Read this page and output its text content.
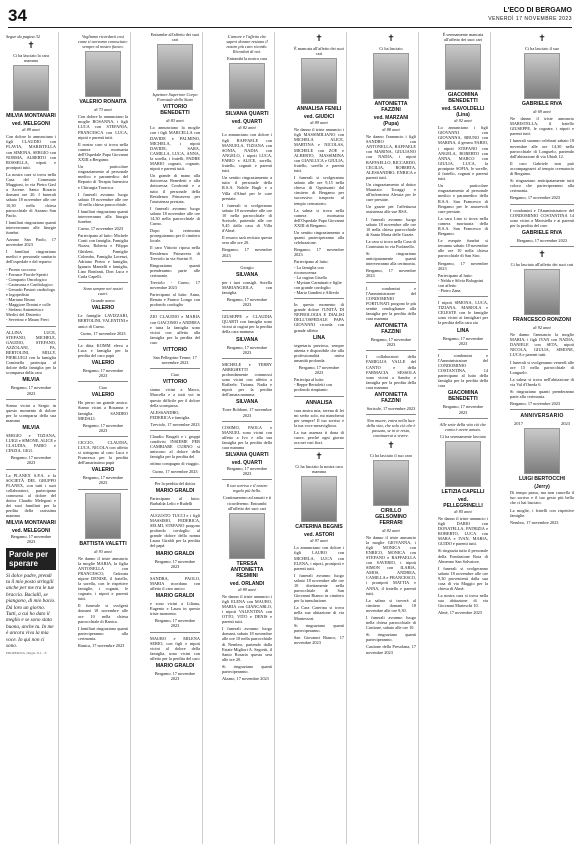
34	L'ECO DI BERGAMO
VENERDÌ 17 NOVEMBRE 2023
Segue da pagina 32
✝
Ci ha lasciato la cara mamma
MILVIA MONTANARI
ved. MELEGONI
di 89 anni
Con dolore lo annunciano i figli CLAUDIO con FLAVIA, MARISTELLA con SIMONA, SERGIO con NORMA, ALBERTO con ROSSELLA, nipoti e pronipoti tutti.
La nostra cara si trova nella Casa del Commiato Maggioni, in via Pietro Gasl a Arcene. Santo Rosario domani ore 20. I funerali sabato 18 novembre alle ore 10,30 nella chiesa parrocchiale di Azzano San Paolo.
I familiari ringraziano quanti interverranno alle liturgie funebri.
Azzano San Paolo, 17 novembre 2023
I familiari ringraziano medici e personale sanitario dell'ospedale e del reparto:
- Pronto soccorso
- Fornace Fiordo-Speriti
- Comparto Oncologico
- Casinsona e Cardiologico
- Gerardo Pastori cardiologo e logopedista
- Mariano Bruno
- Maggiore Donini e colle
- Stefano Antonietta e Medici del Distretto
- Severino e Mauro Freri
ALLINA LUCE, STEFANO, MICHELE, GAUDIO, STEFANO, AZZOLANI, FA, BERTOLINI, MILLY, PIERLUIGI con la famiglia Cominella partecipa al dolore della famiglia per la scomparsa della cara
MILVIA
Bergamo, 17 novembre 2023
Siamo vicini a Sergio in questo momento di dolore per la scomparsa della sua mamma
MILVIA
SERGIO e TIZIANA, LUIGI e SIMONE, ALICE e CLAUDIA, FABIO e CINZIA, GIGI.
Bergamo, 17 novembre 2023
La PLANEX S.P.A. e la SOCIETÀ DEL GRUPPO PLANEX, con tutti i suoi collaboratori, partecipano commossi al dolore del dottor Claudio Melegoni e dei suoi familiari per la perdita della carissima mamma
MILVIA MONTANARI
ved. MELEGONI
Bergamo, 17 novembre 2023
Parole per sperare
Si dolce padre, prendi tu il mio posto stringili anche per me tra le tue braccia. Bacialli, se piangono, di mio bacio. Dà loro un giorno. Tutti, a cui ho dato il meglio e se sono stata buona, anche tu. In me è ancora viva la mia voce. Io qui non ci sono.
PROPERZIA | Regie. P.I. - 8
Vogliamo ricordarti così come ti avevamo conosciuto: sempre al nostro fianco.
VALERIO RONAITA
di 73 anni
Con dolore lo annunciano la moglie ROSANNA, i figli LUCA con STEFANIA, FRANCESCA con LUCA, nipoti e parenti tutti.
Il nostro caro si trova nella camera mortuaria dell'Ospedale Papa Giovanni XXIII a Bergamo.
Un particolare ringraziamento al personale medico e paramedico del Reparto di Terapia Intensiva e Chirurgia Toracica.
I funerali avranno luogo sabato 18 novembre alle ore 10 nella chiesa parrocchiale.
I familiari ringraziano quanti interverranno alla liturgia funebre.
Curno, 17 novembre 2023
Partecipano al lutto: Michele Conti con famiglia, Famiglia Nozza, Roberta e Filippo Ghisleni, Famiglie Colombo, Famiglia Lorenzi, Adriano Pietro e famiglia, Ignazio Mantelli e famiglia, Lino Bonfanti, Don Luca e Carla Capelli.
Sono sempre nei nostri cuori.
Grande uomo
VALERIO
Le famiglie LAVIZZARI, BERTOLINI, VALENTINI e amici di Curno.
Curno, 17 novembre 2023
La ditta KOMM eleva a Luca e famiglia per la perdita del caro papà
VALERIO
Bergamo, 17 novembre 2023
Ciao
VALERIO
Ho perso un grande amico. Siamo vicini a Rosanna e famiglia. SANDRO MEDALI.
Bergamo, 17 novembre 2023
CICCIO, CLAUDIA, LUCA, NICOLA con affetto si stringono al caro Luca e Francesca per la perdita dell'amatissimo papà
VALERIO
Bergamo, 17 novembre 2023
BATTISTA VALETTI
di 93 anni
Ne danno il triste annuncio la moglie MARIA, la figlia ANTONELLA con FRANCESCO, l'adorata nipote DENISE, il fratello, la sorella, con le rispettive famiglie, i cognati, le cognate, i nipoti e parenti tutti.
Il funerale si svolgerà domani 18 novembre alle ore 10 nella chiesa parrocchiale di Ranica.
I familiari ringraziano quanti parteciperanno alla cerimonia.
Ranica, 17 novembre 2023
Entrambe all'affetto dei suoi cari
Ispettore Superiore Corpo Forestale dello Stato
VITTORIO BENEDETTI
di 83 anni
Lo annunciano la moglie con i figli MARCELLA con DAVIDE e PALMINO, MICHELA, i nipoti DAVIDE, SARA, CAMILLA, LUCA, ANNA, la sorella, i fratelli, PADRE MARIO cognati, cognate, nipoti e parenti tutti.
Un grande di mano alla dottoressa Benedetti e alla dottoressa Confronti e a tutto il personale della Residenza Primavera per l'assistenza prestata.
I funerali avranno luogo sabato 18 novembre alle ore 14,30 nella parrocchiale di Curno.
Dopo la cerimonia proseguiranno per il cimitero locale.
Il caro Vittorio riposa nella Residenza Primavera di Treviolo in via Sorrini 8.
Ringraziamo quanti prenderanno parte alle cerimonie.
Treviolo - Curno, 17 novembre 2023
Partecipano al lutto: Anna, Renato e Franco Longo con profondo cordoglio
ZIO CLAUDIO e MARIA con GIACOMO e ANDREA e tutta la famiglia sono vicini con affetto alla famiglia per la perdita del caro
VITTORIO
San Pellegrino Terme, 17 novembre 2023
Ciao
VITTORIO
siamo vicini a Marco, Marcella e a tutti voi in questo difficile per il dolore della scomparsa.
ALESSANDRO, FEDERICA e famiglia.
Treviolo, 17 novembre 2023
Claudio Brugali e i gruppi condivisi INSIEME PER CAMBIARE CURNO si uniscono al dolore della famiglia per la perdita del
ottimo compagno di viaggio.
Curno, 17 novembre 2023
Per la perdita del dottor
MARIO GRALDI
Partecipano al lutto: Barbalda Lelio e Rudelli
AUGUSTO TUCCI e i figli MASSIMO, FEDERICA, SELMI, STEFANO porgono profondo cordoglio al grande dolore della nonna Laura Giraldi per la perdita del papà
MARIO GRALDI
Bergamo, 17 novembre 2023
SANDRA, PAOLO, MARIA ricordano con affetto il caro amico
MARIO GRALDI
e sono vicini a Liliana, Eugenio e Laura in questo triste momento.
Bergamo, 17 novembre 2023
MAURO e MILENA SERIO, con figli e nipoti vicini al dolore della famiglia, sono vicini con affetto per la perdita del caro
MARIO GRALDI
Bergamo, 17 novembre 2023
L'amore e l'affetto che sapevi donare restano il nostro più caro ricordo. Ricordati di noi.
Entrambi la nostra cara
SILVANA QUARTI
ved. QUARTI
di 82 anni
Lo annunciano con dolore i figli RAFFAELE con MANUELA, TIZIANA con SONIA, NADIA con ANGELO, i nipoti LUCA, FABIO e ALICE, sorella, fratello, cognati e parenti tutti.
Un sentito ringraziamento a tutto il personale della R.S.A. Nobile Bugli e a Villa d'Almè per le cure prestate.
I funerali si svolgeranno sabato 18 novembre alle ore 10 nella parrocchiale di Sorisole, partendo alle ore 9,45 dalla casa di Villa d'Almè.
Il rosario sarà recitato questa sera alle ore 20.
Bergamo, 17 novembre 2023
Giorgio
SILVANA
per i tuoi consigli. Sorella MARIANGIOLA con famiglia.
Bergamo, 17 novembre 2023
GIUSEPPE e CLAUDIA QUARTI con famiglia sono vicini ai cugini per la perdita della cara mamma
SILVANA
Bergamo, 17 novembre 2023
MICHELE e TERRY ARRIGHETTI profondamente commossi sono vicini con affetto a Raffaele, Tiziana, Nadia e nipoti per la perdita dell'amata mamma
SILVANA
Torre Boldone, 17 novembre 2023
COSIMO, PAOLA e MANUEL sono vicini con affetto a Ivo e alla sua famiglia per la perdita della cara mamma
SILVANA QUARTI
ved. QUARTI
Bergamo, 17 novembre 2023
Il tuo sorriso e il nostro regalo più bello.
Continueremo ad amarti e ti ricorderemo. Entrambi all'affetto dei suoi cari
TERESA ANTONIETTA RESMINI
ved. ORLANDI
di 89 anni
Ne danno il triste annuncio i figli ELENA con MAURO, MARIA con GIANCARLO, i nipoti VALENTINA con OTTO, VITO e DENIS e parenti tutti.
I funerali avranno luogo domani, sabato 18 novembre alle ore 10 nella parrocchiale di Nembro, partendo dalla Estate Migliori A. Segretti, il Santo Rosario questa sera alle ore 20.
Si ringraziano quanti parteciperanno.
Alzano, 17 novembre 2023
✝
È mancata all'affetto dei suoi cari
ANNALISA FENILI
ved. GIUDICI
di 89 anni
Ne danno il triste annuncio i figli MASSIMILIANO con MICHELA ALICE, MARTINA e NICOLAS, MICHELE con ZOE e ALBERTO, MASSIMINA con GIANLUCA e GIULIA, fratello, sorella e parenti tutti.
I funerali si svolgeranno sabato alle ore 9,15 nella chiesa di Ognissanti dal cimitero di Bergamo per successivo trasporto al tempio crematorio.
La salma si trova nella camera mortuaria dell'Ospedale Papa Giovanni XXIII di Bergamo.
Un sentito ringraziamento a quanti parteciperanno alla celebrazione.
Bergamo, 17 novembre 2023
Partecipano al lutto:
- La famiglia con riconoscenza
- La cugina Gisella
- Myriam Carminati e figlie con grande cordoglio
- Maria Gandini e Alfredo
In questo momento di grande dolore l'UNITÀ DI NEFROLOGIA E DIALISI DELL'OSPEDALE PAPA GIOVANNI ricorda con grande affetto
LINA
segretaria preziosa, sempre attenta e disponibile che alla professionalità univa umanità profonda.
Bergamo, 17 novembre 2023
Partecipa al lutto:
- Beppe Bertoletti con profondo rimpianto
ANNALISA
cara amica mia, serena di lei mi serbo solo, mi mancherai per sempre! Il tuo sorriso e la tua voce meravigliosa.
La tua assenza ti dona di cuore, perché ogni giorno ora nei vari fiori.
✝
Ci ha lasciato la nostra cara mamma
CATERINA BEGNIS
ved. ASTORI
di 97 anni
Lo annunciano con dolore i figli LAURO con MICHELA, LUCA con ELENA, i nipoti, pronipoti e parenti tutti.
I funerali avranno luogo sabato 18 novembre alle ore 10 direttamente nella parrocchiale di San Giovanni Bianco in cimitero per la tumulazione.
La Cara Caterina si trova nella sua abitazione di via Montessori.
Si ringraziano quanti parteciperanno.
San Giovanni Bianco, 17 novembre 2023
✝
Ci ha lasciato
ANTONIETTA FAZZINI
ved. MARZANI
(Pupa)
di 88 anni
Ne danno l'annuncio i figli SANDRO con ANTONELLA, RAFFAELE con MARINA, GIULIANO con NADIA, i nipoti RAFFAELLO, RICCARDO, CECILIA, ROBERTA, ALESSANDRO, ENRICA e parenti tutti.
Un ringraziamento al dottor Maurizio Tocaggi e all'infermiera Alessia per le cure prestate.
Un grazie per l'affettuosa assistenza alle sue RSA.
I funerali avranno luogo sabato 18 novembre alle ore 10 nella chiesa parrocchiale di Santa Maria delle Grazie.
La cara si trova nella Casa di Commiato in via Furfanello.
Si ringraziano anticipatamente quanti interverranno alla cerimonia.
Bergamo, 17 novembre 2023
I condomini e l'Amministratore del CONDOMINIO FORTUNATI porgono le più sentite condoglianze alla famiglia per la perdita della cara mamma
ANTONIETTA FAZZINI
Bergamo, 17 novembre 2023
I collaboratori della FAMIGLIA VALLE del CANTO e della FARMACIA SESSOLA sono vicini a Sandro e famiglia per la perdita della cara mamma
ANTONIETTA FAZZINI
Sorisole, 17 novembre 2023
Non muore, entra nella luce della vita, che solo ciò che è passato, se in te resta, continuerai a vivere.
✝
Ci ha lasciato il suo caro
CIRILLO GELSOMINO FERRARI
di 82 anni
Ne danno il triste annuncio la moglie GIOVANNA, i figli MONICA con ENRICO, MONICA con STEFANO e RAFFAELLA con SAVERIO, i nipoti SIMON con ILARIA, AMOS, ANDREA, CAMILLA e FRANCESCO, i pronipoti MATTIA e ANNA, il fratello e parenti tutti.
La salma si troverà al cimitero domani 18 novembre alle ore 9,30.
I funerali avranno luogo nella chiesa parrocchiale di Castione, sabato alle ore 10.
Si ringraziano quanti parteciperanno.
Castione della Presolana, 17 novembre 2023
È serenamente mancata all'affetto dei suoi cari
GIACOMINA BENEDETTI
ved. SAVOLDELLI
(Lina)
di 92 anni
Lo annunciano i figli GIOVANNI con GIOVANNA, BRUNO con MARINA, il genero FABIO, i nipoti STEFANO con ANGELA, ROBERTO con ANNA, MARCO con GIULIA, LUCA, la pronipote SOFIA, le sorelle, il fratello, cognati e parenti tutti.
Un particolare ringraziamento al personale medico e paramedico della R.S.A. San Francesco di Bergamo per le amorevoli cure prestate.
La cara Lina si trova nella camera mortuaria della R.S.A. San Francesco di Bergamo.
Le esequie funebri si terranno sabato 18 novembre alle ore 10 nella chiesa parrocchiale di San Siro.
Bergamo, 17 novembre 2023
Partecipano al lutto:
- Nelda e Silvia Bolognini con affetto
- Pietro Zana
I nipoti SIMONA, LUCA, TIZIANA, MARIOLA e CELESTE con le famiglie sono vicini ai famigliari per la perdita della cara zia
LINA
Bergamo, 17 novembre 2023
I condomini e l'Amministratore del CONDOMINIO COSTANTINA, 14 partecipano al lutto della famiglia per la perdita della cara
GIACOMINA BENEDETTI
Bergamo, 17 novembre 2023
Alle sette della vita ciò che conta è avere amato.
Ci ha serenamente lasciato
LETIZIA CAPELLI
ved. PELLEGRINELLI
di 85 anni
Ne danno il triste annuncio i figli DARIO con DONATELLA, PATRIZIA e ROBERTO, LUCA con MARA e IVAN, MARIA, GUIDO e parenti tutti.
Si ringrazia tutto il personale della Fondazione Rota di Almenno San Salvatore.
I funerali si svolgeranno sabato 18 novembre alle ore 9,30 provenienti dalla sua casa di via Maggio per la chiesa di Almè.
La nostra cara si trova nella sua abitazione di via Giovanni Marieschi 10.
Almè, 17 novembre 2023
✝
Ci ha lasciato il suo
GABRIELE RIVA
di 69 anni
Ne danno il triste annuncio MARISTELLA, il fratello GIUSEPPE, le cognate, i nipoti e parenti tutti.
I funerali saranno celebrati sabato 18 novembre alle ore 14,30 nella parrocchiale di Longuelo, partendo dall'abitazione di via Ubiali 12.
Il caro Gabriele non può accompagnarvi al tempio crematorio di Bergamo.
Si ringraziano anticipatamente tutti coloro che parteciperanno alla cerimonia.
Bergamo, 17 novembre 2023
I condomini e l'Amministratore del CONDOMINIO COSTANTINA 14 sono vicini a Maristella e ai parenti per la perdita del caro
GABRIELE RIVA
Bergamo, 17 novembre 2023
✝
Ci ha lasciato all'affetto dei suoi cari
FRANCESCO RONZONI
di 92 anni
Ne danno l'annuncio la moglie MARIA, i figli IVAN con NADIA, DANIELE con SETA, nipoti NICOLA, GIULIA, SIMONE, LUCA e parenti tutti.
I funerali si svolgeranno venerdì alle ore 15 nella parrocchiale di Longuelo.
La salma si trova nell'abitazione di via Val d'Oneda 6.
Si ringraziano quanti prenderanno parte alla cerimonia.
Bergamo, 17 novembre 2023
ANNIVERSARIO
2017	2023
LUIGI BERTOCCHI
(Jerry)
Di tempo passa, ma non cancella il tuo sorriso e il tuo gesto più bello che ci hai lasciato.
La moglie, i fratelli con rispettive famiglie.
Nembro, 17 novembre 2023
